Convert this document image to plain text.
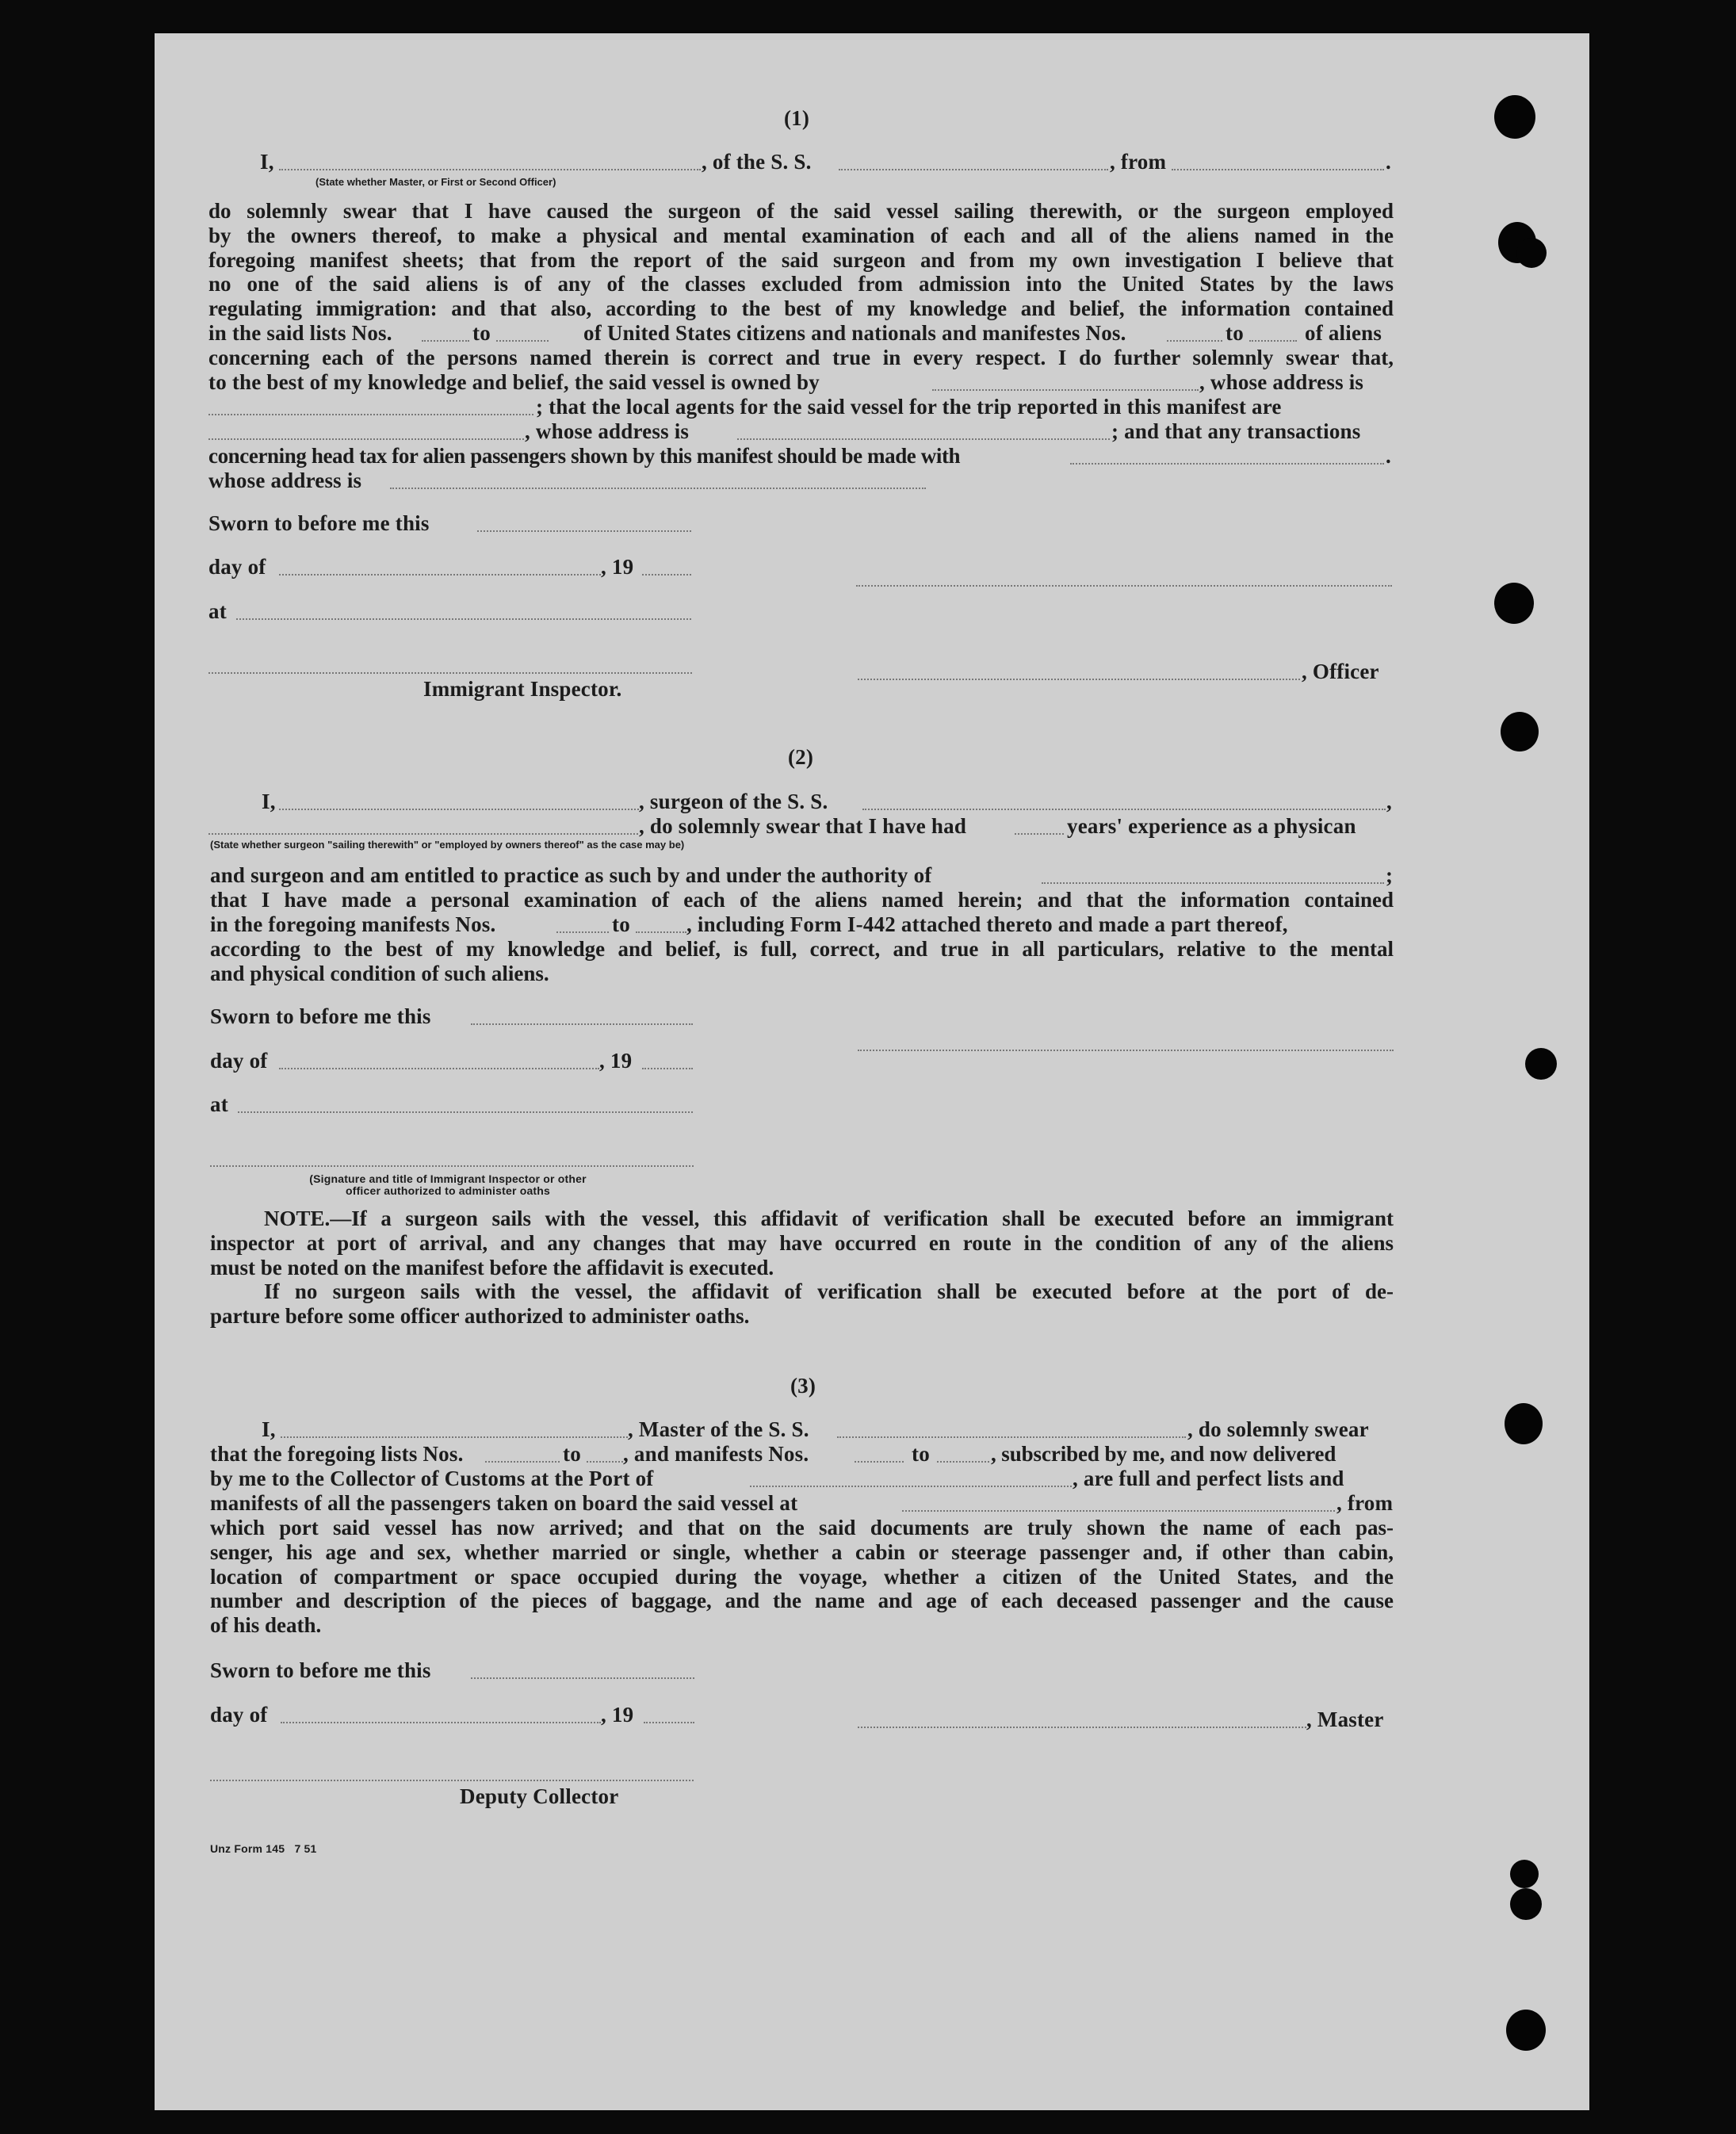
(1)
I,	, of the S. S.	, from	.
(State whether Master, or First or Second Officer)
do solemnly swear that I have caused the surgeon of the said vessel sailing therewith, or the surgeon employed
by the owners thereof, to make a physical and mental examination of each and all of the aliens named in the
foregoing manifest sheets; that from the report of the said surgeon and from my own investigation I believe that
no one of the said aliens is of any of the classes excluded from admission into the United States by the laws
regulating immigration: and that also, according to the best of my knowledge and belief, the information contained
in the said lists Nos.	to	of United States citizens and nationals and manifestes Nos.	to	of aliens
concerning each of the persons named therein is correct and true in every respect. I do further solemnly swear that,
to the best of my knowledge and belief, the said vessel is owned by	, whose address is
; that the local agents for the said vessel for the trip reported in this manifest are
, whose address is	; and that any transactions
concerning head tax for alien passengers shown by this manifest should be made with	.
whose address is
Sworn to before me this
day of	, 19
at
, Officer
Immigrant Inspector.
(2)
I,	, surgeon of the S. S.	,
, do solemnly swear that I have had	years' experience as a physican
(State whether surgeon "sailing therewith" or "employed by owners thereof" as the case may be)
and surgeon and am entitled to practice as such by and under the authority of	;
that I have made a personal examination of each of the aliens named herein; and that the information contained
in the foregoing manifests Nos.	to	, including Form I-442 attached thereto and made a part thereof,
according to the best of my knowledge and belief, is full, correct, and true in all particulars, relative to the mental
and physical condition of such aliens.
Sworn to before me this
day of	, 19
at
(Signature and title of Immigrant Inspector or other
officer authorized to administer oaths
NOTE.—If a surgeon sails with the vessel, this affidavit of verification shall be executed before an immigrant
inspector at port of arrival, and any changes that may have occurred en route in the condition of any of the aliens
must be noted on the manifest before the affidavit is executed.
If no surgeon sails with the vessel, the affidavit of verification shall be executed before at the port of de-
parture before some officer authorized to administer oaths.
(3)
I,	, Master of the S. S.	, do solemnly swear
that the foregoing lists Nos.	to , and manifests Nos.	to	, subscribed by me, and now delivered
by me to the Collector of Customs at the Port of	, are full and perfect lists and
manifests of all the passengers taken on board the said vessel at	, from
which port said vessel has now arrived; and that on the said documents are truly shown the name of each pas-
senger, his age and sex, whether married or single, whether a cabin or steerage passenger and, if other than cabin,
location of compartment or space occupied during the voyage, whether a citizen of the United States, and the
number and description of the pieces of baggage, and the name and age of each deceased passenger and the cause
of his death.
Sworn to before me this
day of	, 19	, Master
Deputy Collector
Unz Form 145   7 51
